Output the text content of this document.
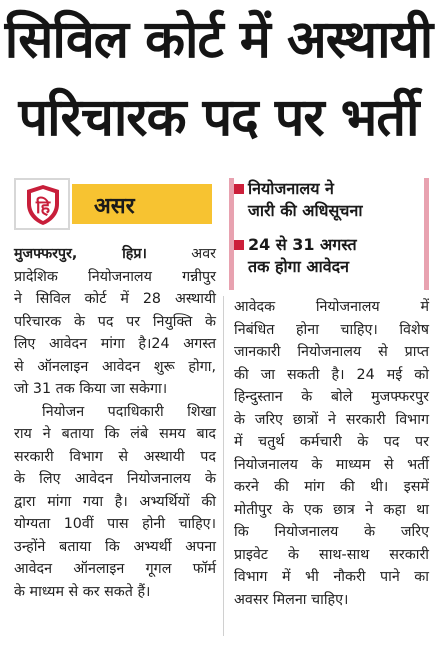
सिविल कोर्ट में अस्थायी
परिचारक पद पर भर्ती
हि असर
नियोजनालय ने
जारी की अधिसूचना
24 से 31 अगस्त
तक होगा आवेदन
मुजफ्फरपुर, हिप्र।	अवर
प्रादेशिक नियोजनालय गन्नीपुर
ने सिविल कोर्ट में 28 अस्थायी
परिचारक के पद पर नियुक्ति के
लिए आवेदन मांगा है।24 अगस्त
से ऑनलाइन आवेदन शुरू होगा,
जो 31 तक किया जा सकेगा।
नियोजन पदाधिकारी शिखा
राय ने बताया कि लंबे समय बाद
सरकारी विभाग से अस्थायी पद
के लिए आवेदन नियोजनालय के
द्वारा मांगा गया है। अभ्यर्थियों की
योग्यता 10वीं पास होनी चाहिए।
उन्होंने बताया कि अभ्यर्थी अपना
आवेदन ऑनलाइन गूगल फॉर्म
के माध्यम से कर सकते हैं।
आवेदक नियोजनालय में
निबंधित होना चाहिए। विशेष
जानकारी नियोजनालय से प्राप्त
की जा सकती है। 24 मई को
हिन्दुस्तान के बोले मुजफ्फरपुर
के जरिए छात्रों ने सरकारी विभाग
में चतुर्थ कर्मचारी के पद पर
नियोजनालय के माध्यम से भर्ती
करने की मांग की थी। इसमें
मोतीपुर के एक छात्र ने कहा था
कि नियोजनालय के जरिए
प्राइवेट के साथ-साथ सरकारी
विभाग में भी नौकरी पाने का
अवसर मिलना चाहिए।
